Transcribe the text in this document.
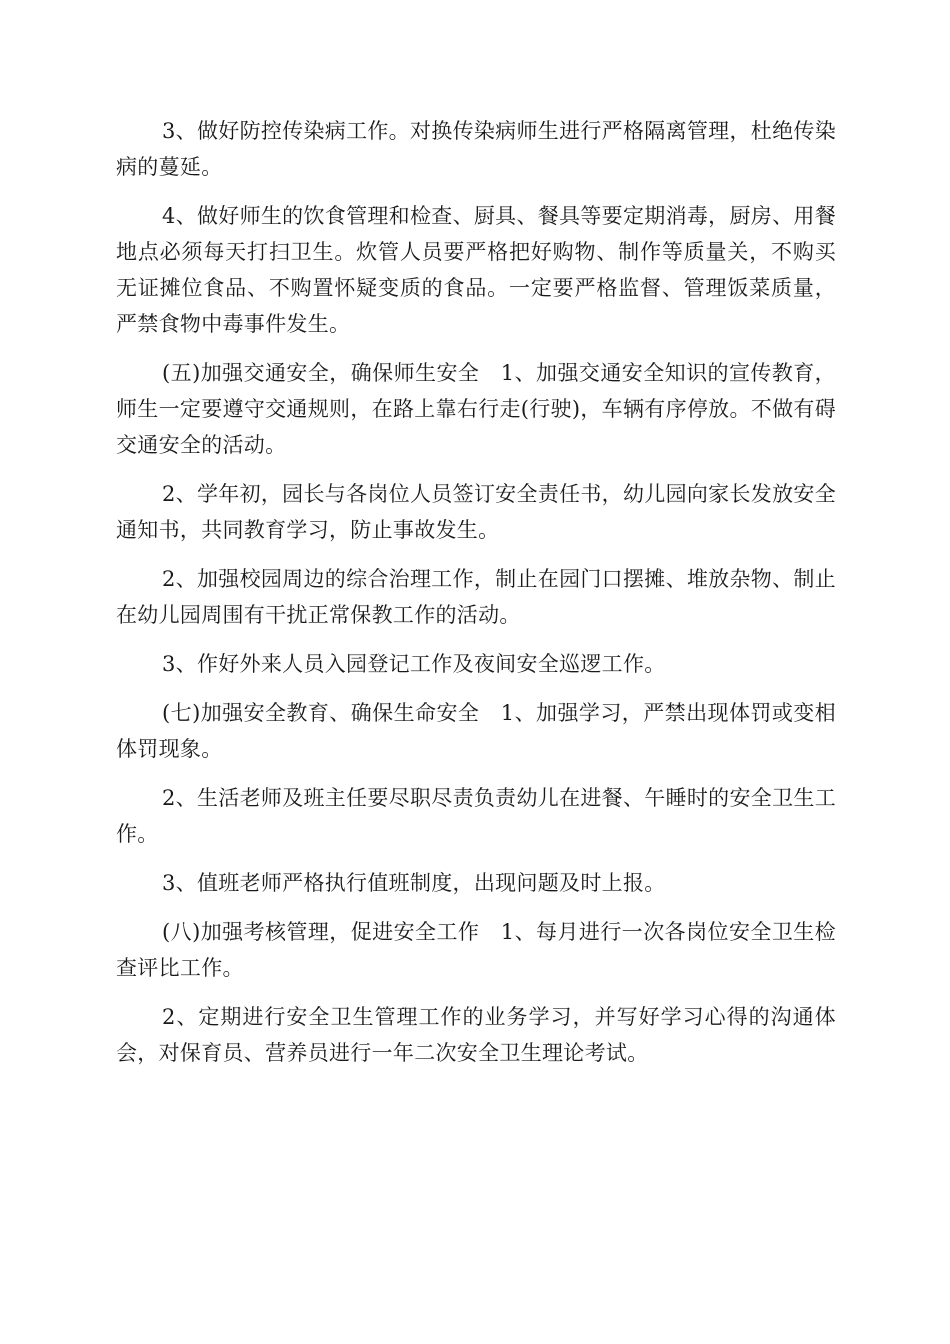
3、做好防控传染病工作。对换传染病师生进行严格隔离管理，杜绝传染病的蔓延。

4、做好师生的饮食管理和检查、厨具、餐具等要定期消毒，厨房、用餐地点必须每天打扫卫生。炊管人员要严格把好购物、制作等质量关，不购买无证摊位食品、不购置怀疑变质的食品。一定要严格监督、管理饭菜质量，严禁食物中毒事件发生。

(五)加强交通安全，确保师生安全　1、加强交通安全知识的宣传教育，师生一定要遵守交通规则，在路上靠右行走(行驶)，车辆有序停放。不做有碍交通安全的活动。

2、学年初，园长与各岗位人员签订安全责任书，幼儿园向家长发放安全通知书，共同教育学习，防止事故发生。

2、加强校园周边的综合治理工作，制止在园门口摆摊、堆放杂物、制止在幼儿园周围有干扰正常保教工作的活动。

3、作好外来人员入园登记工作及夜间安全巡逻工作。

(七)加强安全教育、确保生命安全　1、加强学习，严禁出现体罚或变相体罚现象。

2、生活老师及班主任要尽职尽责负责幼儿在进餐、午睡时的安全卫生工作。

3、值班老师严格执行值班制度，出现问题及时上报。

(八)加强考核管理，促进安全工作　1、每月进行一次各岗位安全卫生检查评比工作。

2、定期进行安全卫生管理工作的业务学习，并写好学习心得的沟通体会，对保育员、营养员进行一年二次安全卫生理论考试。
